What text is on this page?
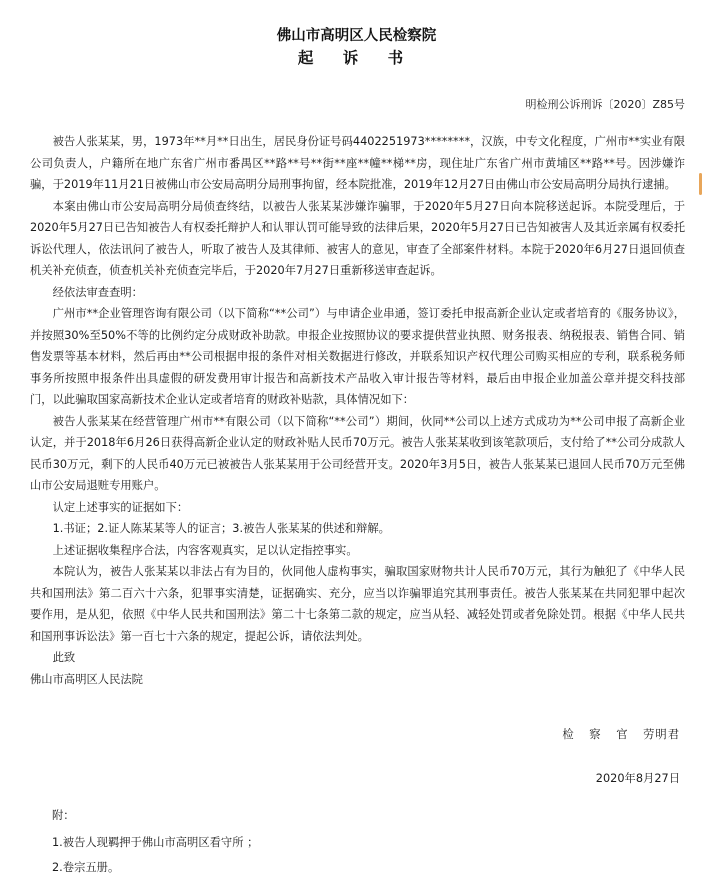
佛山市高明区人民检察院
起 诉 书
明检刑公诉刑诉〔2020〕Z85号

被告人张某某，男，1973年**月**日出生，居民身份证号码4402251973********，汉族，中专文化程度，广州市**实业有限公司负责人，户籍所在地广东省广州市番禺区**路**号**街**座**幢**梯**房，现住址广东省广州市黄埔区**路**号。因涉嫌诈骗，于2019年11月21日被佛山市公安局高明分局刑事拘留，经本院批准，2019年12月27日由佛山市公安局高明分局执行逮捕。

本案由佛山市公安局高明分局侦查终结，以被告人张某某涉嫌诈骗罪，于2020年5月27日向本院移送起诉。本院受理后，于2020年5月27日已告知被告人有权委托辩护人和认罪认罚可能导致的法律后果，2020年5月27日已告知被害人及其近亲属有权委托诉讼代理人，依法讯问了被告人，听取了被告人及其律师、被害人的意见，审查了全部案件材料。本院于2020年6月27日退回侦查机关补充侦查，侦查机关补充侦查完毕后，于2020年7月27日重新移送审查起诉。

经依法审查查明：

广州市**企业管理咨询有限公司（以下简称“**公司”）与申请企业串通，签订委托申报高新企业认定或者培育的《服务协议》，并按照30%至50%不等的比例约定分成财政补助款。申报企业按照协议的要求提供营业执照、财务报表、纳税报表、销售合同、销售发票等基本材料，然后再由**公司根据申报的条件对相关数据进行修改，并联系知识产权代理公司购买相应的专利，联系税务师事务所按照申报条件出具虚假的研发费用审计报告和高新技术产品收入审计报告等材料，最后由申报企业加盖公章并提交科技部门，以此骗取国家高新技术企业认定或者培育的财政补贴款，具体情况如下：

被告人张某某在经营管理广州市**有限公司（以下简称“**公司”）期间，伙同**公司以上述方式成功为**公司申报了高新企业认定，并于2018年6月26日获得高新企业认定的财政补贴人民币70万元。被告人张某某收到该笔款项后，支付给了**公司分成款人民币30万元，剩下的人民币40万元已被被告人张某某用于公司经营开支。2020年3月5日，被告人张某某已退回人民币70万元至佛山市公安局退赃专用账户。

认定上述事实的证据如下：

1.书证；2.证人陈某某等人的证言；3.被告人张某某的供述和辩解。

上述证据收集程序合法，内容客观真实，足以认定指控事实。

本院认为，被告人张某某以非法占有为目的，伙同他人虚构事实，骗取国家财物共计人民币70万元，其行为触犯了《中华人民共和国刑法》第二百六十六条，犯罪事实清楚，证据确实、充分，应当以诈骗罪追究其刑事责任。被告人张某某在共同犯罪中起次要作用，是从犯，依照《中华人民共和国刑法》第二十七条第二款的规定，应当从轻、减轻处罚或者免除处罚。根据《中华人民共和国刑事诉讼法》第一百七十六条的规定，提起公诉，请依法判处。

此致

佛山市高明区人民法院

检 察 官 劳明君
2020年8月27日
附：
1.被告人现羁押于佛山市高明区看守所 ；
2.卷宗五册。
